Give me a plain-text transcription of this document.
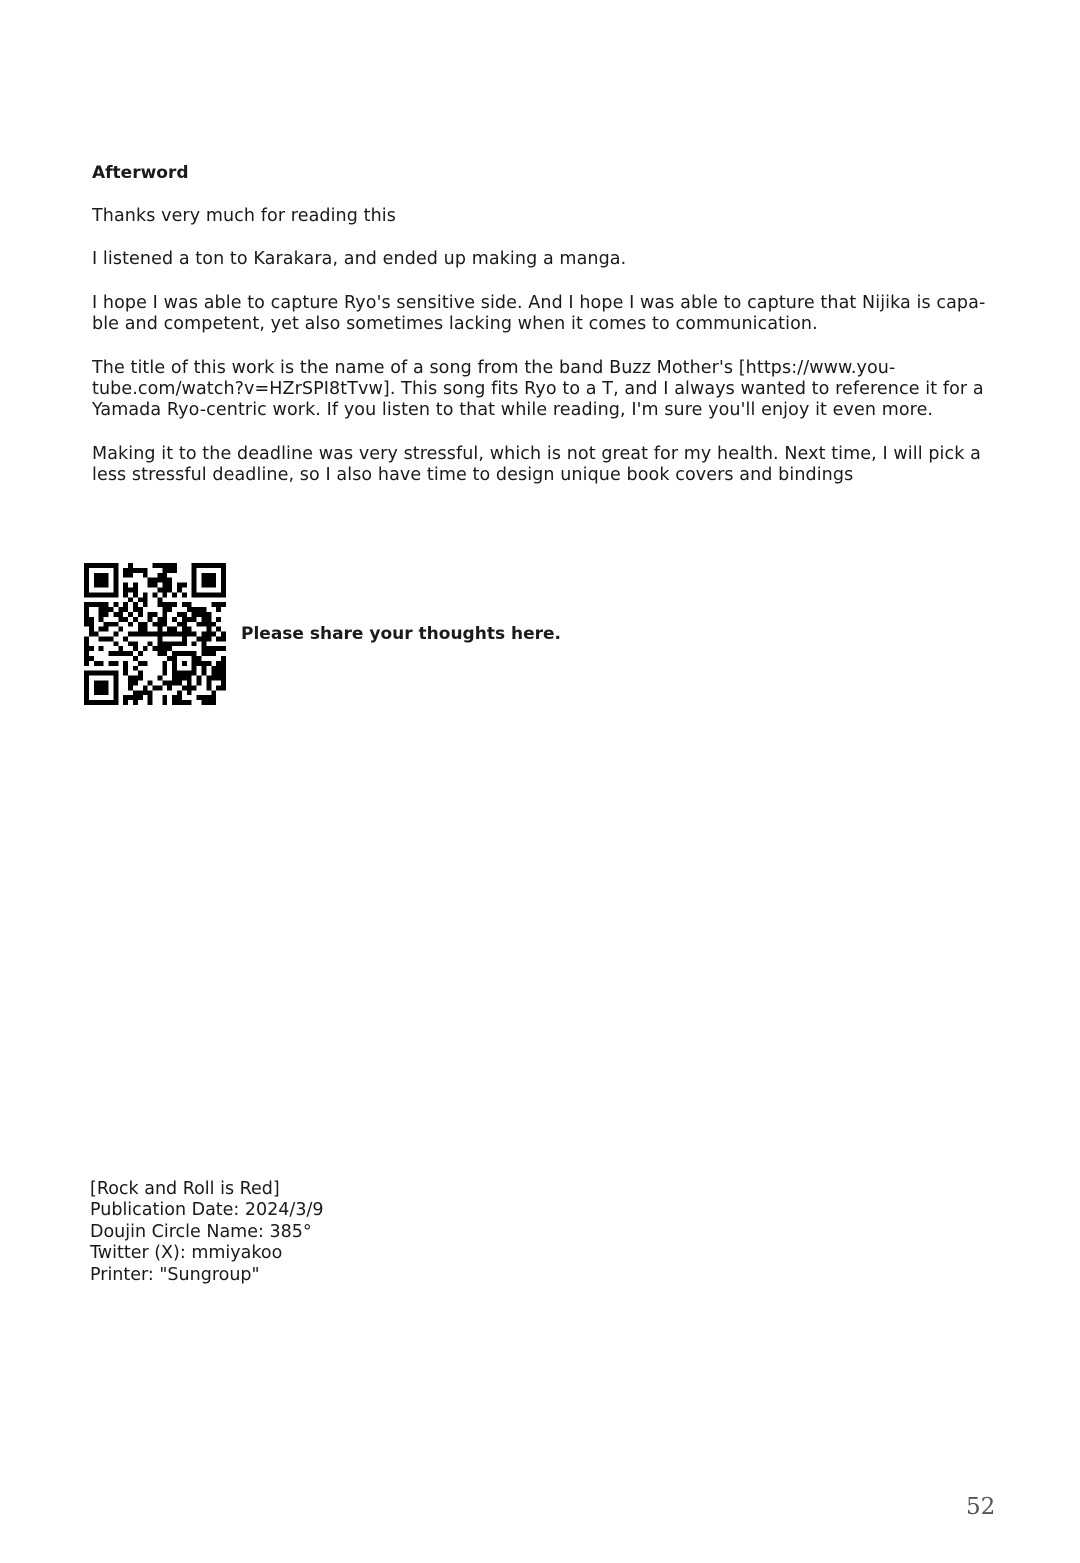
Afterword

Thanks very much for reading this

I listened a ton to Karakara, and ended up making a manga.

I hope I was able to capture Ryo's sensitive side. And I hope I was able to capture that Nijika is capa-
ble and competent, yet also sometimes lacking when it comes to communication.

The title of this work is the name of a song from the band Buzz Mother's [https://www.you-
tube.com/watch?v=HZrSPI8tTvw]. This song fits Ryo to a T, and I always wanted to reference it for a
Yamada Ryo-centric work. If you listen to that while reading, I'm sure you'll enjoy it even more.

Making it to the deadline was very stressful, which is not great for my health. Next time, I will pick a
less stressful deadline, so I also have time to design unique book covers and bindings

Please share your thoughts here.
[Rock and Roll is Red]
Publication Date: 2024/3/9
Doujin Circle Name: 385°
Twitter (X): mmiyakoo
Printer: "Sungroup"
52
